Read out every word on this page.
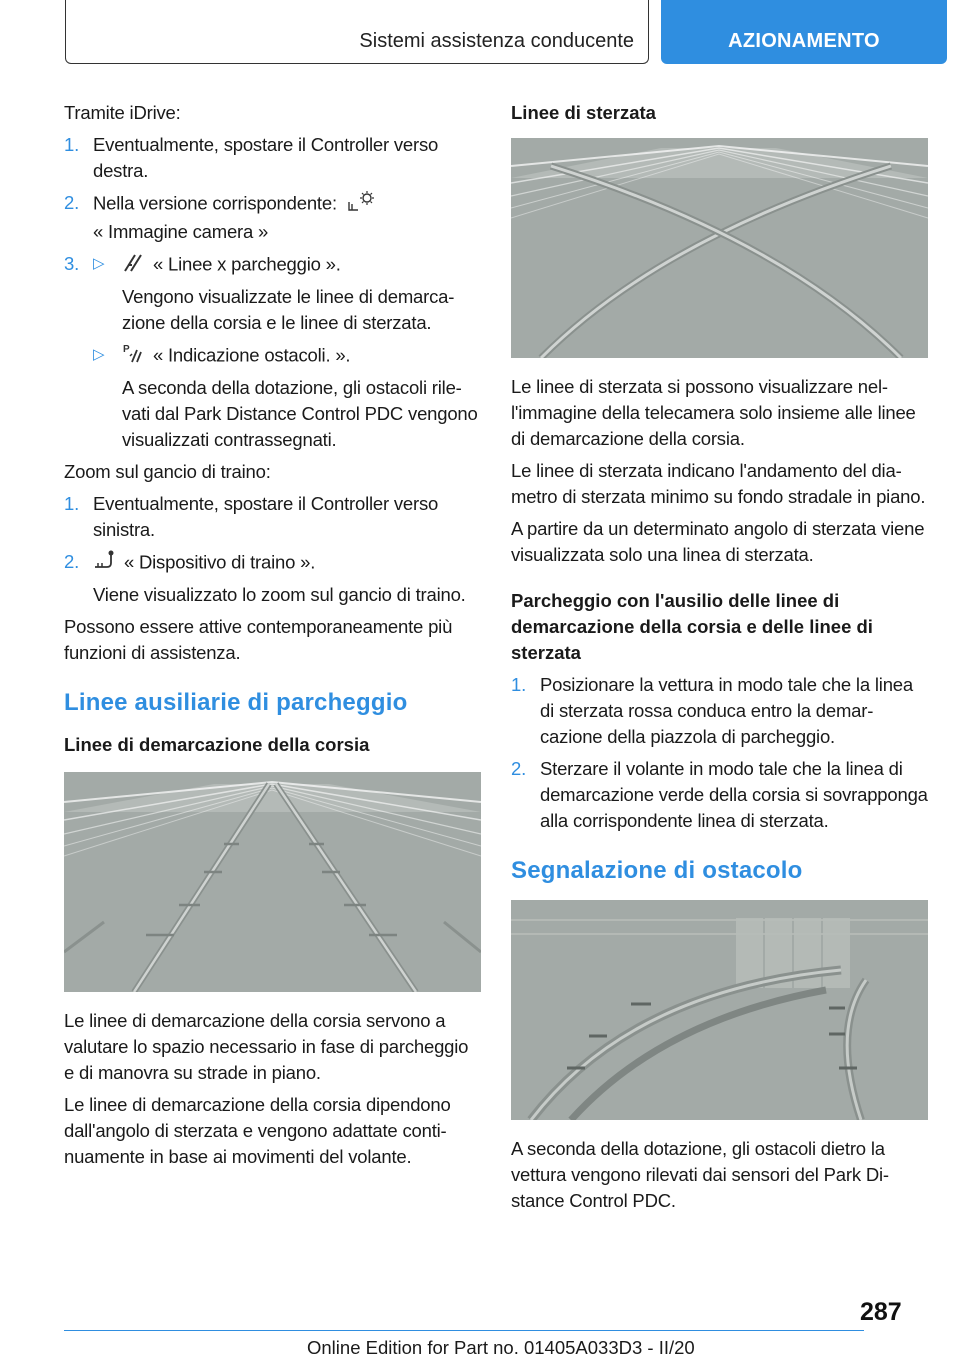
Sistemi assistenza conducente	AZIONAMENTO

Tramite iDrive:

1. Eventualmente, spostare il Controller verso destra.
2. Nella versione corrispondente:
« Immagine camera »
3. ▷	« Linee x parcheggio ».

Vengono visualizzate le linee di demarcazione della corsia e le linee di sterzata.

▷ P « Indicazione ostacoli. ».

A seconda della dotazione, gli ostacoli rilevati dal Park Distance Control PDC vengono visualizzati contrassegnati.

Zoom sul gancio di traino:

1. Eventualmente, spostare il Controller verso sinistra.
2. « Dispositivo di traino ».

Viene visualizzato lo zoom sul gancio di traino.

Possono essere attive contemporaneamente più funzioni di assistenza.

Linee ausiliarie di parcheggio
Linee di demarcazione della corsia

Le linee di demarcazione della corsia servono a valutare lo spazio necessario in fase di parcheggio e di manovra su strade in piano.

Le linee di demarcazione della corsia dipendono dall'angolo di sterzata e vengono adattate continuamente in base ai movimenti del volante.

Linee di sterzata

Le linee di sterzata si possono visualizzare nell'immagine della telecamera solo insieme alle linee di demarcazione della corsia.

Le linee di sterzata indicano l'andamento del diametro di sterzata minimo su fondo stradale in piano.

A partire da un determinato angolo di sterzata viene visualizzata solo una linea di sterzata.

Parcheggio con l'ausilio delle linee di demarcazione della corsia e delle linee di sterzata
1. Posizionare la vettura in modo tale che la linea di sterzata rossa conduca entro la demarcazione della piazzola di parcheggio.
2. Sterzare il volante in modo tale che la linea di demarcazione verde della corsia si sovrapponga alla corrispondente linea di sterzata.
Segnalazione di ostacolo

A seconda della dotazione, gli ostacoli dietro la vettura vengono rilevati dai sensori del Park Distance Control PDC.

287
Online Edition for Part no. 01405A033D3 - II/20
